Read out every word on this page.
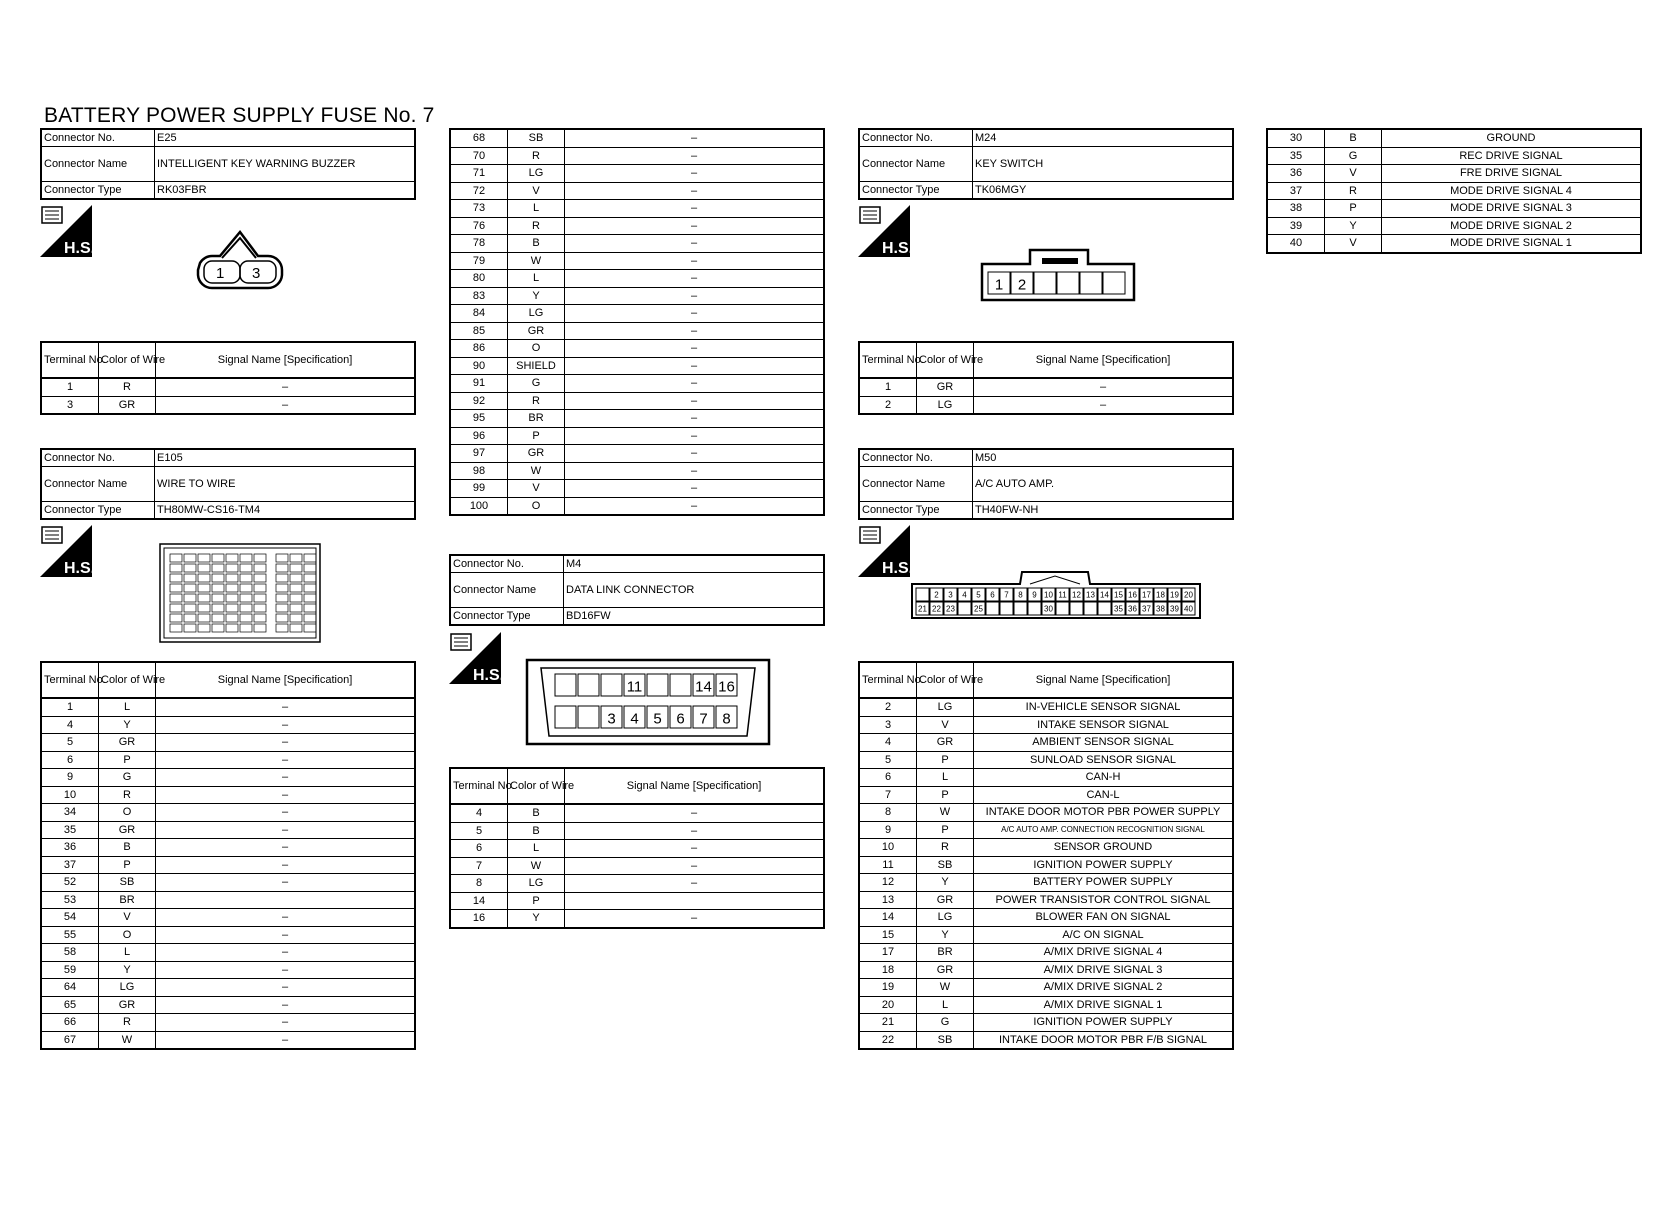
BATTERY POWER SUPPLY FUSE No. 7
Connector No.	E25
Connector Name	INTELLIGENT KEY WARNING BUZZER
Connector Type	RK03FBR
H.S.
1 3
Terminal No.	Color of Wire	Signal Name [Specification]
1	R	–
3	GR	–
Connector No.	E105
Connector Name	WIRE TO WIRE
Connector Type	TH80MW-CS16-TM4
H.S.
Terminal No.	Color of Wire	Signal Name [Specification]
1	L	–
4	Y	–
5	GR	–
6	P	–
9	G	–
10	R	–
34	O	–
35	GR	–
36	B	–
37	P	–
52	SB	–
53	BR	
54	V	–
55	O	–
58	L	–
59	Y	–
64	LG	–
65	GR	–
66	R	–
67	W	–
68	SB	–
70	R	–
71	LG	–
72	V	–
73	L	–
76	R	–
78	B	–
79	W	–
80	L	–
83	Y	–
84	LG	–
85	GR	–
86	O	–
90	SHIELD	–
91	G	–
92	R	–
95	BR	–
96	P	–
97	GR	–
98	W	–
99	V	–
100	O	–
Connector No.	M4
Connector Name	DATA LINK CONNECTOR
Connector Type	BD16FW
H.S.
11	14 16
3 4 5 6 7 8
Terminal No.	Color of Wire	Signal Name [Specification]
4	B	–
5	B	–
6	L	–
7	W	–
8	LG	–
14	P	
16	Y	–
Connector No.	M24
Connector Name	KEY SWITCH
Connector Type	TK06MGY
H.S.
1 2
Terminal No.	Color of Wire	Signal Name [Specification]
1	GR	–
2	LG	–
Connector No.	M50
Connector Name	A/C AUTO AMP.
Connector Type	TH40FW-NH
H.S.
2 3 4 5 6 7 8 9 10 11 12 13 14 15 16 17 18 19 20
21 22 23 25	30	35 36 37 38 39 40
Terminal No.	Color of Wire	Signal Name [Specification]
2	LG	IN-VEHICLE SENSOR SIGNAL
3	V	INTAKE SENSOR SIGNAL
4	GR	AMBIENT SENSOR SIGNAL
5	P	SUNLOAD SENSOR SIGNAL
6	L	CAN-H
7	P	CAN-L
8	W	INTAKE DOOR MOTOR PBR POWER SUPPLY
9	P	A/C AUTO AMP. CONNECTION RECOGNITION SIGNAL
10	R	SENSOR GROUND
11	SB	IGNITION POWER SUPPLY
12	Y	BATTERY POWER SUPPLY
13	GR	POWER TRANSISTOR CONTROL SIGNAL
14	LG	BLOWER FAN ON SIGNAL
15	Y	A/C ON SIGNAL
17	BR	A/MIX DRIVE SIGNAL 4
18	GR	A/MIX DRIVE SIGNAL 3
19	W	A/MIX DRIVE SIGNAL 2
20	L	A/MIX DRIVE SIGNAL 1
21	G	IGNITION POWER SUPPLY
22	SB	INTAKE DOOR MOTOR PBR F/B SIGNAL
30	B	GROUND
35	G	REC DRIVE SIGNAL
36	V	FRE DRIVE SIGNAL
37	R	MODE DRIVE SIGNAL 4
38	P	MODE DRIVE SIGNAL 3
39	Y	MODE DRIVE SIGNAL 2
40	V	MODE DRIVE SIGNAL 1
